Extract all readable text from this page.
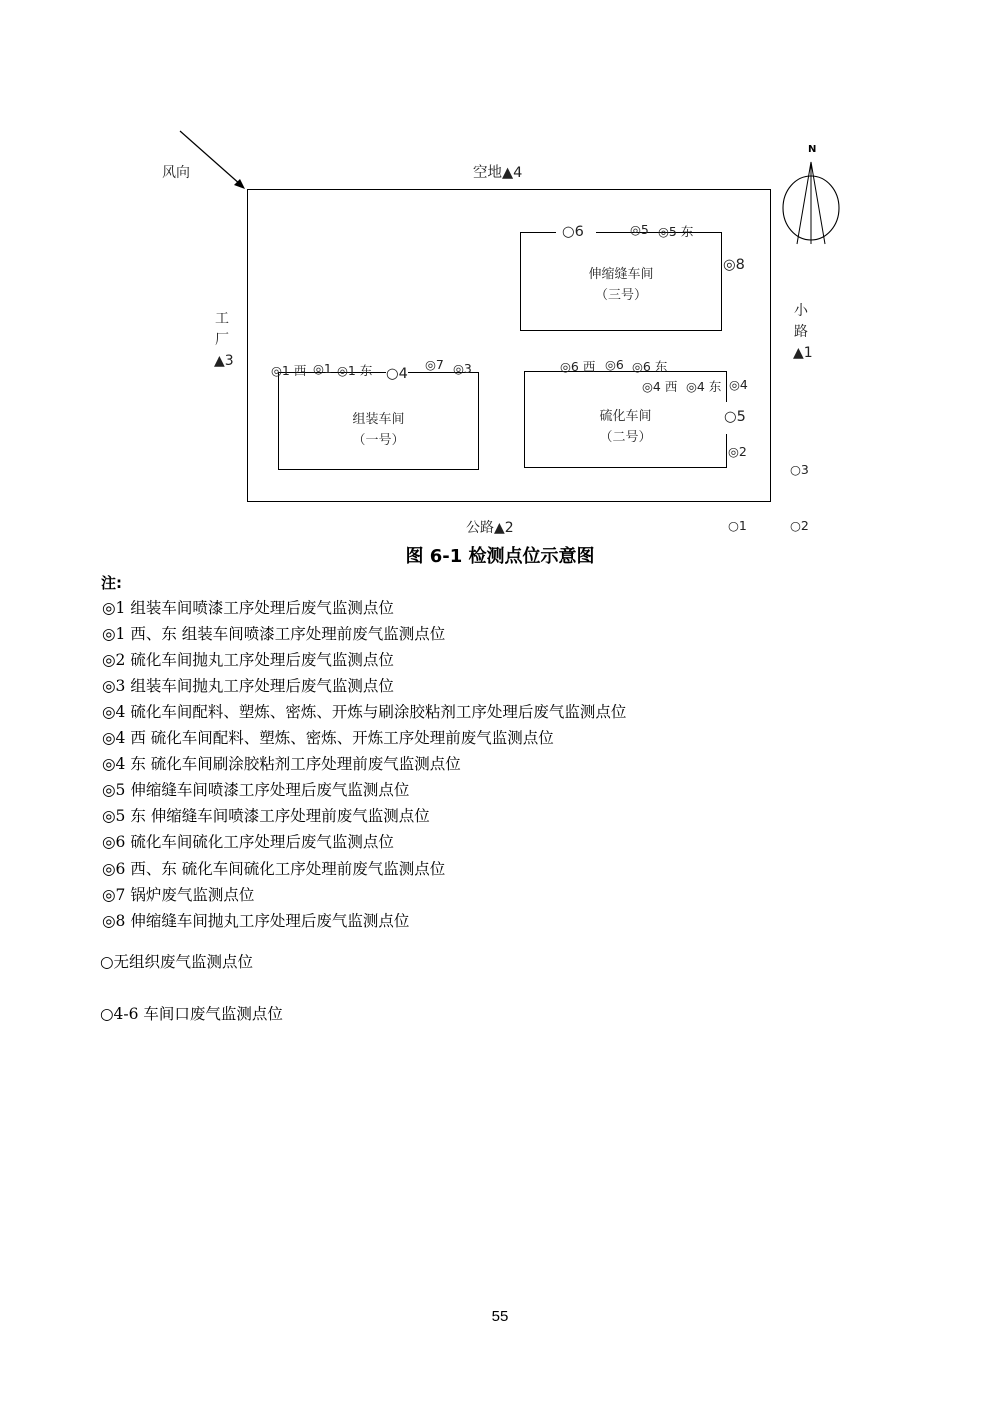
风向
N
空地▲4
公路▲2
工
厂
▲3
小
路
▲1
伸缩缝车间
（三号）
组装车间
（一号）
硫化车间
（二号）
◎1 西 ◎1 ◎1 东 ○4
◎7 ◎3
○6	◎5 ◎5 东
◎8
◎6 西 ◎6 ◎6 东
◎4 西 ◎4 东 ◎4
○5
◎2
○3
○1	○2
图 6-1 检测点位示意图
注:
◎1 组装车间喷漆工序处理后废气监测点位
◎1 西、东 组装车间喷漆工序处理前废气监测点位
◎2 硫化车间抛丸工序处理后废气监测点位
◎3 组装车间抛丸工序处理后废气监测点位
◎4 硫化车间配料、塑炼、密炼、开炼与刷涂胶粘剂工序处理后废气监测点位
◎4 西 硫化车间配料、塑炼、密炼、开炼工序处理前废气监测点位
◎4 东 硫化车间刷涂胶粘剂工序处理前废气监测点位
◎5 伸缩缝车间喷漆工序处理后废气监测点位
◎5 东 伸缩缝车间喷漆工序处理前废气监测点位
◎6 硫化车间硫化工序处理后废气监测点位
◎6 西、东 硫化车间硫化工序处理前废气监测点位
◎7 锅炉废气监测点位
◎8 伸缩缝车间抛丸工序处理后废气监测点位
○无组织废气监测点位
○4-6 车间口废气监测点位
55
